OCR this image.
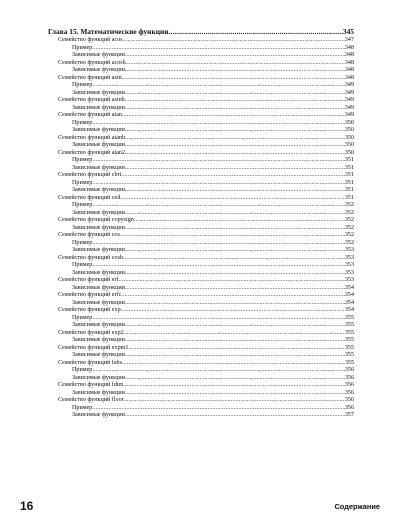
Глава 15. Математические функции .....	345
Семейство функций acos .....	347
Пример .....	348
Зависимые функции .....	348
Семейство функций acosh .....	348
Зависимые функции .....	348
Семейство функций asin .....	348
Пример .....	349
Зависимые функции .....	349
Семейство функций asinh .....	349
Зависимые функции .....	349
Семейство функций atan .....	349
Пример .....	350
Зависимые функции .....	350
Семейство функций atanh .....	350
Зависимые функции .....	350
Семейство функций atan2 .....	350
Пример .....	351
Зависимые функции .....	351
Семейство функций cbrt .....	351
Пример .....	351
Зависимые функции .....	351
Семейство функций ceil .....	351
Пример .....	352
Зависимые функции .....	352
Семейство функций copysign .....	352
Зависимые функции .....	352
Семейство функций cos .....	352
Пример .....	352
Зависимые функции .....	353
Семейство функций cosh .....	353
Пример .....	353
Зависимые функции .....	353
Семейство функций erf .....	353
Зависимые функции .....	354
Семейство функций erfc .....	354
Зависимые функции .....	354
Семейство функций exp .....	354
Пример .....	355
Зависимые функции .....	355
Семейство функций exp2 .....	355
Зависимые функции .....	355
Семейство функций expm1 .....	355
Зависимые функции .....	355
Семейство функций fabs .....	355
Пример .....	356
Зависимые функции .....	356
Семейство функций fdim .....	356
Зависимые функции .....	356
Семейство функций floor .....	356
Пример .....	356
Зависимые функции .....	357
16	Содержание
